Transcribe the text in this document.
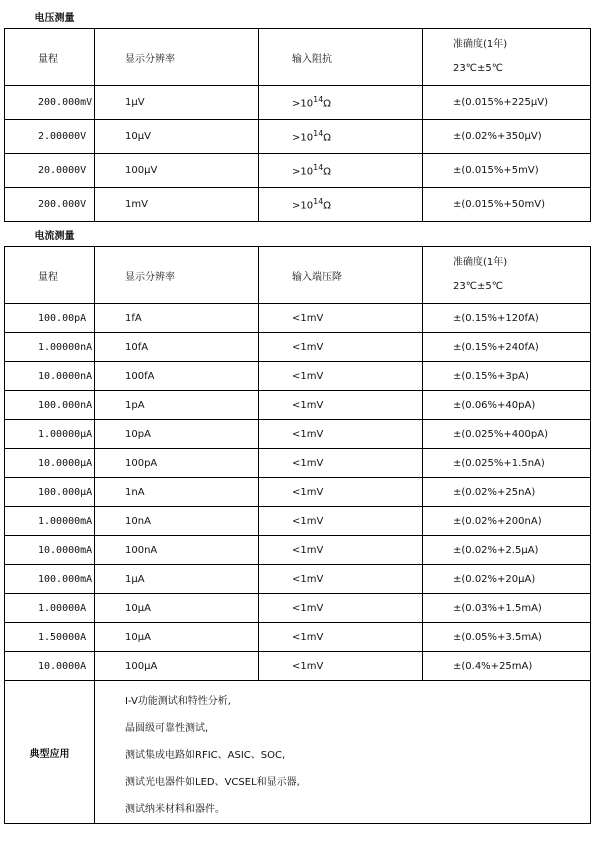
电压测量			
量程	显示分辨率	输入阻抗	准确度(1年)
23℃±5℃

200.000mV	1μV	$>10^{14}\Omega$	±(0.015%+225μV)
2.00000V	10μV	$>10^{14}\Omega$	±(0.02%+350μV)
20.0000V	100μV	$>10^{14}\Omega$	±(0.015%+5mV)
200.000V	1mV	$>10^{14}\Omega$	±(0.015%+50mV)
电流测量			
量程	显示分辨率	输入端压降	准确度(1年)
23℃±5℃

100.00pA	1fA	<1mV	±(0.15%+120fA)
1.00000nA	10fA	<1mV	±(0.15%+240fA)
10.0000nA	100fA	<1mV	±(0.15%+3pA)
100.000nA	1pA	<1mV	±(0.06%+40pA)
1.00000μA	10pA	<1mV	±(0.025%+400pA)
10.0000μA	100pA	<1mV	±(0.025%+1.5nA)
100.000μA	1nA	<1mV	±(0.02%+25nA)
1.00000mA	10nA	<1mV	±(0.02%+200nA)
10.0000mA	100nA	<1mV	±(0.02%+2.5μA)
100.000mA	1μA	<1mV	±(0.02%+20μA)
1.00000A	10μA	<1mV	±(0.03%+1.5mA)
1.50000A	10μA	<1mV	±(0.05%+3.5mA)
10.0000A	100μA	<1mV	±(0.4%+25mA)
典型应用	I-V功能测试和特性分析,
晶圆级可靠性测试,
测试集成电路如RFIC、ASIC、SOC,
测试光电器件如LED、VCSEL和显示器,
测试纳米材料和器件。		
